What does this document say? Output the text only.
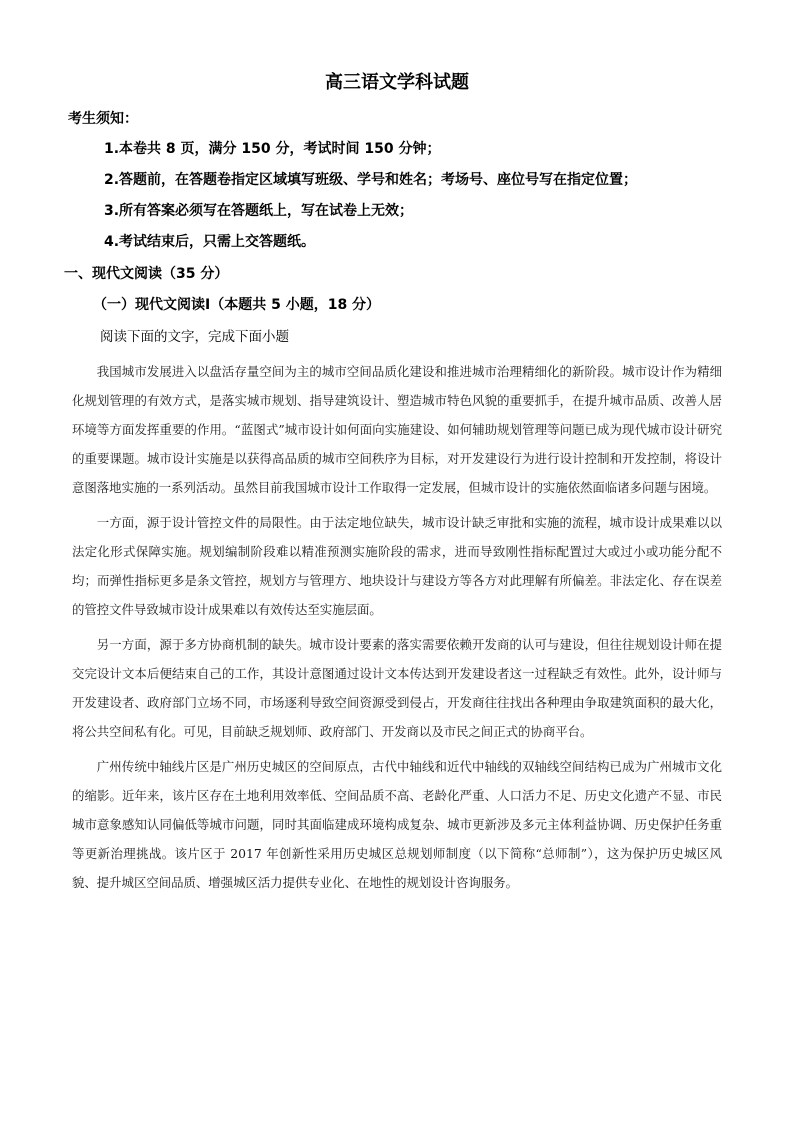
高三语文学科试题
考生须知：
1.本卷共 8 页，满分 150 分，考试时间 150 分钟；
2.答题前，在答题卷指定区域填写班级、学号和姓名；考场号、座位号写在指定位置；
3.所有答案必须写在答题纸上，写在试卷上无效；
4.考试结束后，只需上交答题纸。
一、现代文阅读（35 分）
（一）现代文阅读Ⅰ（本题共 5 小题，18 分）
阅读下面的文字，完成下面小题

我国城市发展进入以盘活存量空间为主的城市空间品质化建设和推进城市治理精细化的新阶段。城市设计作为精细化规划管理的有效方式，是落实城市规划、指导建筑设计、塑造城市特色风貌的重要抓手，在提升城市品质、改善人居环境等方面发挥重要的作用。“蓝图式”城市设计如何面向实施建设、如何辅助规划管理等问题已成为现代城市设计研究的重要课题。城市设计实施是以获得高品质的城市空间秩序为目标，对开发建设行为进行设计控制和开发控制，将设计意图落地实施的一系列活动。虽然目前我国城市设计工作取得一定发展，但城市设计的实施依然面临诸多问题与困境。

一方面，源于设计管控文件的局限性。由于法定地位缺失，城市设计缺乏审批和实施的流程，城市设计成果难以以法定化形式保障实施。规划编制阶段难以精准预测实施阶段的需求，进而导致刚性指标配置过大或过小或功能分配不均；而弹性指标更多是条文管控，规划方与管理方、地块设计与建设方等各方对此理解有所偏差。非法定化、存在误差的管控文件导致城市设计成果难以有效传达至实施层面。

另一方面，源于多方协商机制的缺失。城市设计要素的落实需要依赖开发商的认可与建设，但往往规划设计师在提交完设计文本后便结束自己的工作，其设计意图通过设计文本传达到开发建设者这一过程缺乏有效性。此外，设计师与开发建设者、政府部门立场不同，市场逐利导致空间资源受到侵占，开发商往往找出各种理由争取建筑面积的最大化，将公共空间私有化。可见，目前缺乏规划师、政府部门、开发商以及市民之间正式的协商平台。

广州传统中轴线片区是广州历史城区的空间原点，古代中轴线和近代中轴线的双轴线空间结构已成为广州城市文化的缩影。近年来，该片区存在土地利用效率低、空间品质不高、老龄化严重、人口活力不足、历史文化遗产不显、市民城市意象感知认同偏低等城市问题，同时其面临建成环境构成复杂、城市更新涉及多元主体利益协调、历史保护任务重等更新治理挑战。该片区于 2017 年创新性采用历史城区总规划师制度（以下简称“总师制”），这为保护历史城区风貌、提升城区空间品质、增强城区活力提供专业化、在地性的规划设计咨询服务。
